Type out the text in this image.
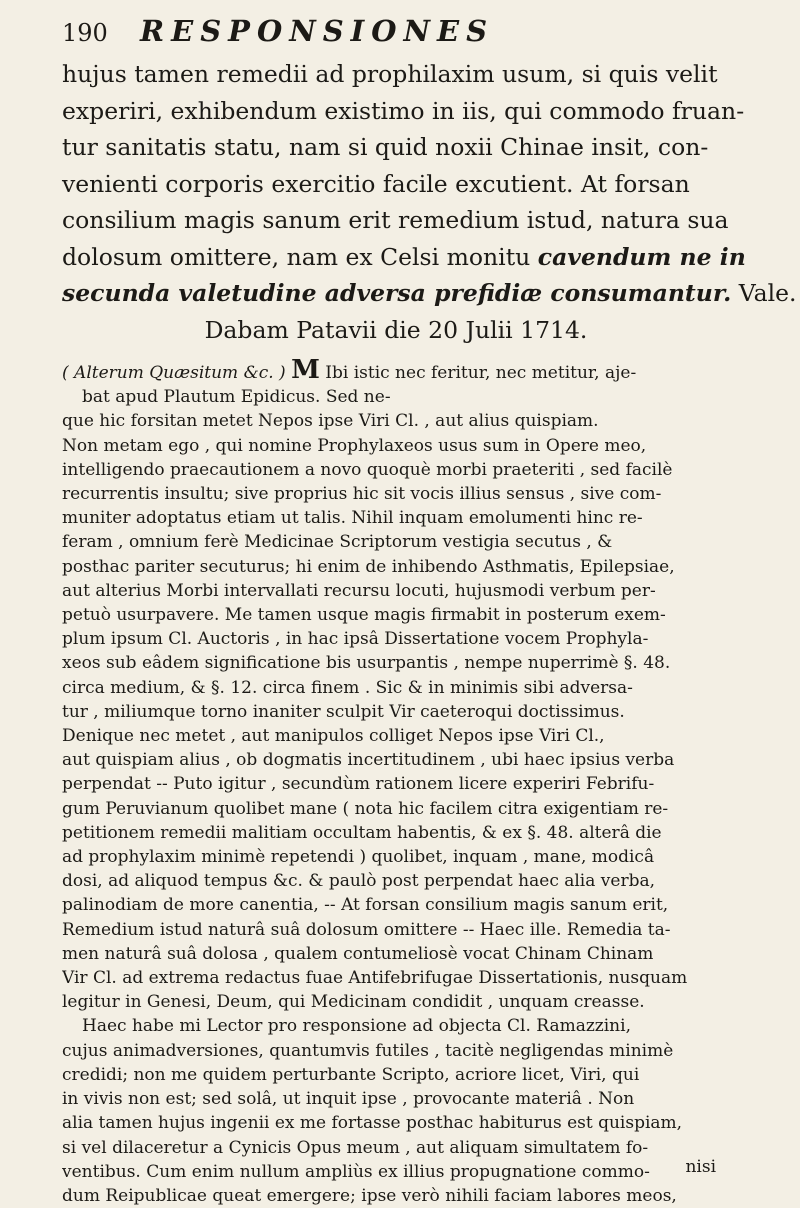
190	RESPONSIONES
hujus tamen remedii ad prophilaxim usum, si quis velit
experiri, exhibendum existimo in iis, qui commodo fruan-
tur sanitatis statu, nam si quid noxii Chinae insit, con-
venienti corporis exercitio facile excutient. At forsan
consilium magis sanum erit remedium istud, natura sua
dolosum omittere, nam ex Celsi monitu cavendum ne in
secunda valetudine adversa prefidiæ consumantur. Vale.
Dabam Patavii die 20 Julii 1714.
( Alterum Quæsitum &c. ) M Ibi istic nec feritur, nec metitur, aje-
bat apud Plautum Epidicus. Sed ne-
que hic forsitan metet Nepos ipse Viri Cl. , aut alius quispiam.
Non metam ego , qui nomine Prophylaxeos usus sum in Opere meo,
intelligendo praecautionem a novo quoquè morbi praeteriti , sed facilè
recurrentis insultu; sive proprius hic sit vocis illius sensus , sive com-
muniter adoptatus etiam ut talis. Nihil inquam emolumenti hinc re-
feram , omnium ferè Medicinae Scriptorum vestigia secutus , &
posthac pariter secuturus; hi enim de inhibendo Asthmatis, Epilepsiae,
aut alterius Morbi intervallati recursu locuti, hujusmodi verbum per-
petuò usurpavere. Me tamen usque magis firmabit in posterum exem-
plum ipsum Cl. Auctoris , in hac ipsâ Dissertatione vocem Prophyla-
xeos sub eâdem significatione bis usurpantis , nempe nuperrimè §. 48.
circa medium, & §. 12. circa finem . Sic & in minimis sibi adversa-
tur , miliumque torno inaniter sculpit Vir caeteroqui doctissimus.
Denique nec metet , aut manipulos colliget Nepos ipse Viri Cl.,
aut quispiam alius , ob dogmatis incertitudinem , ubi haec ipsius verba
perpendat -- Puto igitur , secundùm rationem licere experiri Febrifu-
gum Peruvianum quolibet mane ( nota hic facilem citra exigentiam re-
petitionem remedii malitiam occultam habentis, & ex §. 48. alterâ die
ad prophylaxim minimè repetendi ) quolibet, inquam , mane, modicâ
dosi, ad aliquod tempus &c. & paulò post perpendat haec alia verba,
palinodiam de more canentia, -- At forsan consilium magis sanum erit,
Remedium istud naturâ suâ dolosum omittere -- Haec ille. Remedia ta-
men naturâ suâ dolosa , qualem contumeliosè vocat Chinam Chinam
Vir Cl. ad extrema redactus fuae Antifebrifugae Dissertationis, nusquam
legitur in Genesi, Deum, qui Medicinam condidit , unquam creasse.
Haec habe mi Lector pro responsione ad objecta Cl. Ramazzini,
cujus animadversiones, quantumvis futiles , tacitè negligendas minimè
credidi; non me quidem perturbante Scripto, acriore licet, Viri, qui
in vivis non est; sed solâ, ut inquit ipse , provocante materiâ . Non
alia tamen hujus ingenii ex me fortasse posthac habiturus est quispiam,
si vel dilaceretur a Cynicis Opus meum , aut aliquam simultatem fo-
ventibus. Cum enim nullum ampliùs ex illius propugnatione commo-
dum Reipublicae queat emergere; ipse verò nihili faciam labores meos,
nisi
